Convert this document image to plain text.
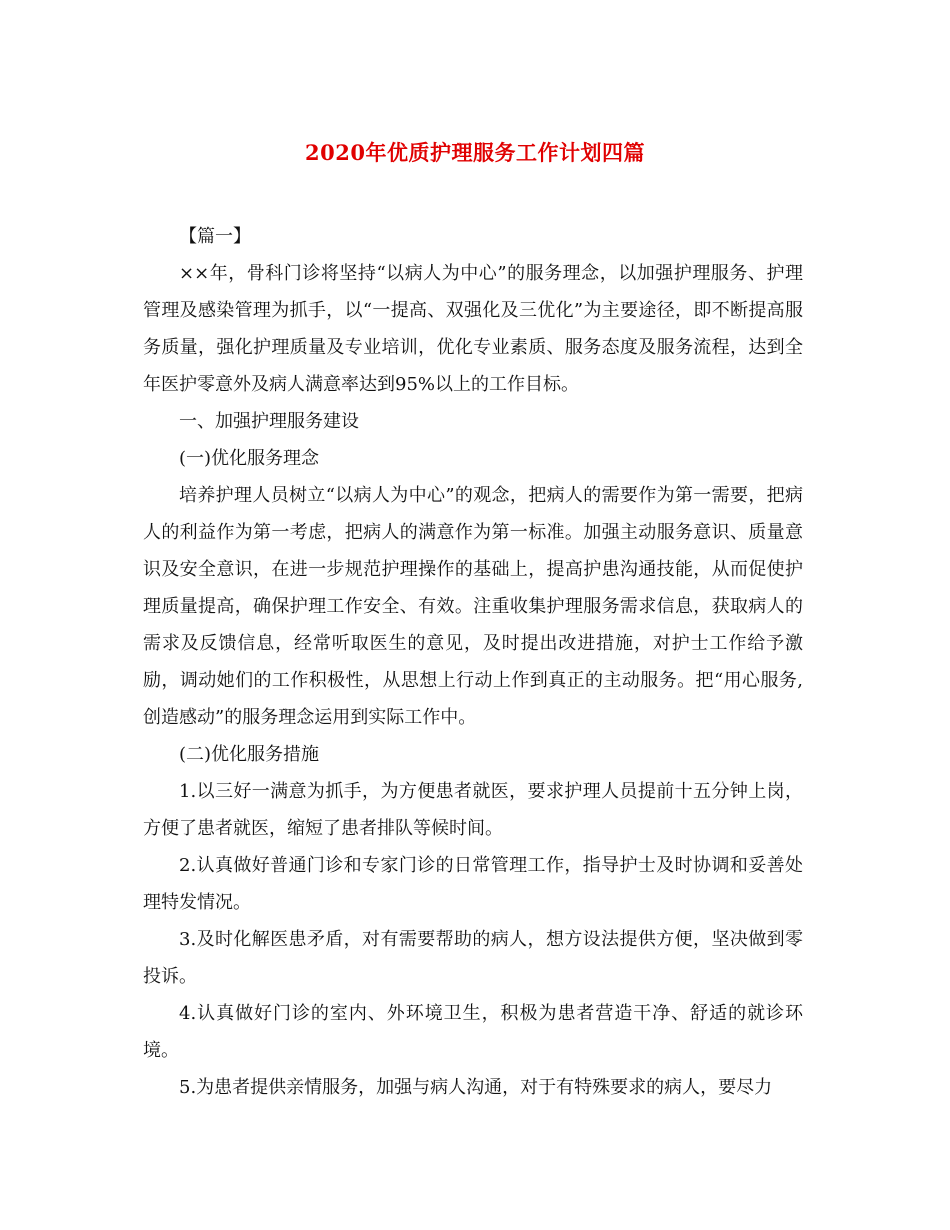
2020年优质护理服务工作计划四篇

【篇一】

××年，骨科门诊将坚持“以病人为中心”的服务理念，以加强护理服务、护理管理及感染管理为抓手，以“一提高、双强化及三优化”为主要途径，即不断提高服务质量，强化护理质量及专业培训，优化专业素质、服务态度及服务流程，达到全年医护零意外及病人满意率达到95%以上的工作目标。

一、加强护理服务建设

(一)优化服务理念

培养护理人员树立“以病人为中心”的观念，把病人的需要作为第一需要，把病人的利益作为第一考虑，把病人的满意作为第一标准。加强主动服务意识、质量意识及安全意识，在进一步规范护理操作的基础上，提高护患沟通技能，从而促使护理质量提高，确保护理工作安全、有效。注重收集护理服务需求信息，获取病人的需求及反馈信息，经常听取医生的意见，及时提出改进措施，对护士工作给予激励，调动她们的工作积极性，从思想上行动上作到真正的主动服务。把“用心服务,创造感动”的服务理念运用到实际工作中。

(二)优化服务措施

1.以三好一满意为抓手，为方便患者就医，要求护理人员提前十五分钟上岗，方便了患者就医，缩短了患者排队等候时间。

2.认真做好普通门诊和专家门诊的日常管理工作，指导护士及时协调和妥善处理特发情况。

3.及时化解医患矛盾，对有需要帮助的病人，想方设法提供方便，坚决做到零投诉。

4.认真做好门诊的室内、外环境卫生，积极为患者营造干净、舒适的就诊环境。

5.为患者提供亲情服务，加强与病人沟通，对于有特殊要求的病人，要尽力
